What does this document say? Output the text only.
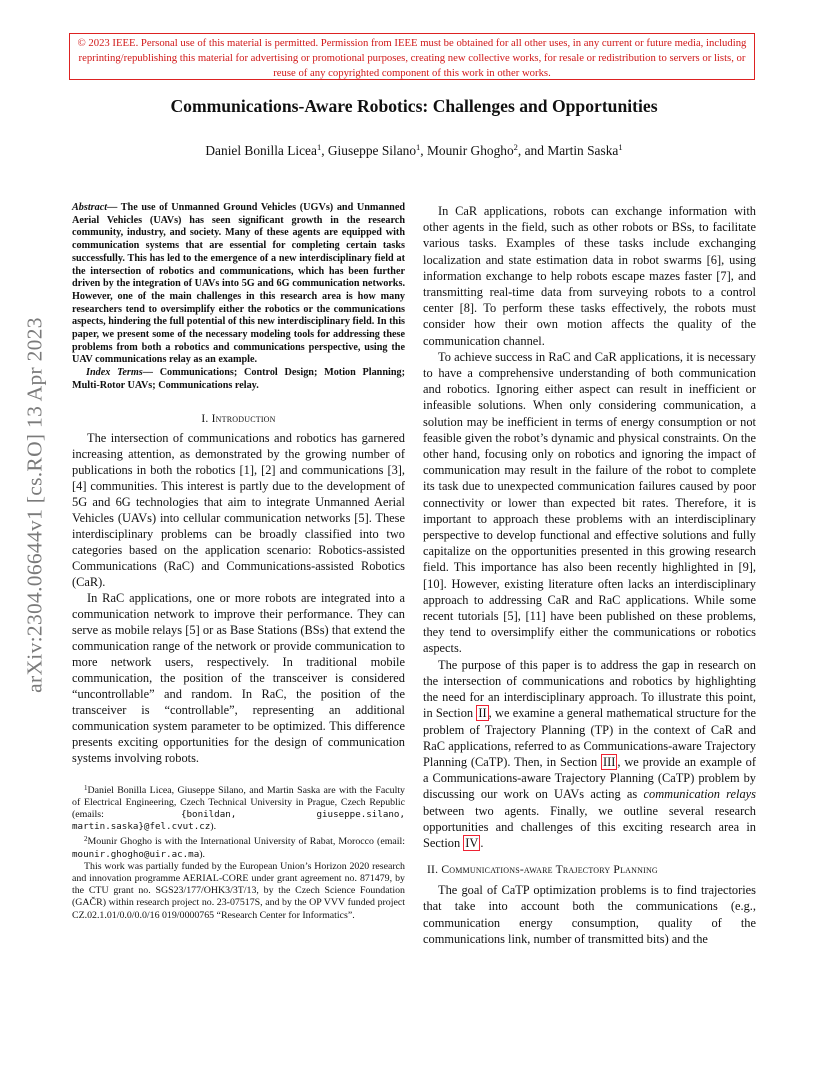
© 2023 IEEE. Personal use of this material is permitted. Permission from IEEE must be obtained for all other uses, in any current or future media, including reprinting/republishing this material for advertising or promotional purposes, creating new collective works, for resale or redistribution to servers or lists, or reuse of any copyrighted component of this work in other works.
Communications-Aware Robotics: Challenges and Opportunities
Daniel Bonilla Licea$^1$, Giuseppe Silano$^1$, Mounir Ghogho$^2$, and Martin Saska$^1$
arXiv:2304.06644v1 [cs.RO] 13 Apr 2023
Abstract— The use of Unmanned Ground Vehicles (UGVs) and Unmanned Aerial Vehicles (UAVs) has seen significant growth in the research community, industry, and society. Many of these agents are equipped with communication systems that are essential for completing certain tasks successfully. This has led to the emergence of a new interdisciplinary field at the intersection of robotics and communications, which has been further driven by the integration of UAVs into 5G and 6G communication networks. However, one of the main challenges in this research area is how many researchers tend to oversimplify either the robotics or the communications aspects, hindering the full potential of this new interdisciplinary field. In this paper, we present some of the necessary modeling tools for addressing these problems from both a robotics and communications perspective, using the UAV communications relay as an example.
Index Terms— Communications; Control Design; Motion Planning; Multi-Rotor UAVs; Communications relay.
I. Introduction

The intersection of communications and robotics has garnered increasing attention, as demonstrated by the growing number of publications in both the robotics [1], [2] and communications [3], [4] communities. This interest is partly due to the development of 5G and 6G technologies that aim to integrate Unmanned Aerial Vehicles (UAVs) into cellular communication networks [5]. These interdisciplinary problems can be broadly classified into two categories based on the application scenario: Robotics-assisted Communications (RaC) and Communications-assisted Robotics (CaR).

In RaC applications, one or more robots are integrated into a communication network to improve their performance. They can serve as mobile relays [5] or as Base Stations (BSs) that extend the communication range of the network or provide communication to more network users, respectively. In traditional mobile communication, the position of the transceiver is considered “uncontrollable” and random. In RaC, the position of the transceiver is “controllable”, representing an additional communication system parameter to be optimized. This difference presents exciting opportunities for the design of communication systems involving robots.

$^1$Daniel Bonilla Licea, Giuseppe Silano, and Martin Saska are with the Faculty of Electrical Engineering, Czech Technical University in Prague, Czech Republic (emails: {bonildan, giuseppe.silano, martin.saska}@fel.cvut.cz).

$^2$Mounir Ghogho is with the International University of Rabat, Morocco (email: mounir.ghogho@uir.ac.ma).

This work was partially funded by the European Union’s Horizon 2020 research and innovation programme AERIAL-CORE under grant agreement no. 871479, by the CTU grant no. SGS23/177/OHK3/3T/13, by the Czech Science Foundation (GAČR) within research project no. 23-07517S, and by the OP VVV funded project CZ.02.1.01/0.0/0.0/16 019/0000765 “Research Center for Informatics”.

In CaR applications, robots can exchange information with other agents in the field, such as other robots or BSs, to facilitate various tasks. Examples of these tasks include exchanging localization and state estimation data in robot swarms [6], using information exchange to help robots escape mazes faster [7], and transmitting real-time data from surveying robots to a control center [8]. To perform these tasks effectively, the robots must consider how their own motion affects the quality of the communication channel.

To achieve success in RaC and CaR applications, it is necessary to have a comprehensive understanding of both communication and robotics. Ignoring either aspect can result in inefficient or infeasible solutions. When only considering communication, a solution may be inefficient in terms of energy consumption or not feasible given the robot’s dynamic and physical constraints. On the other hand, focusing only on robotics and ignoring the impact of communication may result in the failure of the robot to complete its task due to unexpected communication failures caused by poor connectivity or lower than expected bit rates. Therefore, it is important to approach these problems with an interdisciplinary perspective to develop functional and effective solutions and fully capitalize on the opportunities presented in this growing research field. This importance has also been recently highlighted in [9], [10]. However, existing literature often lacks an interdisciplinary approach to addressing CaR and RaC applications. While some recent tutorials [5], [11] have been published on these problems, they tend to oversimplify either the communications or robotics aspects.

The purpose of this paper is to address the gap in research on the intersection of communications and robotics by highlighting the need for an interdisciplinary approach. To illustrate this point, in Section II , we examine a general mathematical structure for the problem of Trajectory Planning (TP) in the context of CaR and RaC applications, referred to as Communications-aware Trajectory Planning (CaTP). Then, in Section III , we provide an example of a Communications-aware Trajectory Planning (CaTP) problem by discussing our work on UAVs acting as communication relays between two agents. Finally, we outline several research opportunities and challenges of this exciting research area in Section IV .

II. Communications-aware Trajectory Planning

The goal of CaTP optimization problems is to find trajectories that take into account both the communications (e.g., communication energy consumption, quality of the communications link, number of transmitted bits) and the
